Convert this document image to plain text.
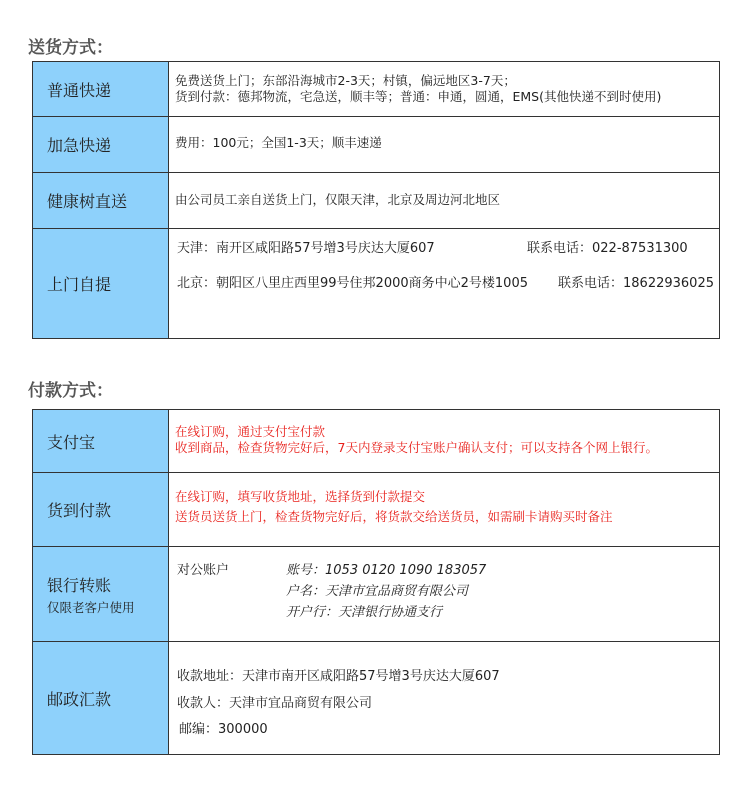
送货方式：
普通快递	免费送货上门；东部沿海城市2-3天；村镇，偏远地区3-7天；
货到付款：德邦物流，宅急送，顺丰等；普通：申通，圆通，EMS(其他快递不到时使用)

加急快递	费用：100元；全国1-3天；顺丰速递

健康树直送	由公司员工亲自送货上门，仅限天津，北京及周边河北地区

上门自提	天津：南开区咸阳路57号增3号庆达大厦607 联系电话：022-87531300
北京：朝阳区八里庄西里99号住邦2000商务中心2号楼1005 联系电话：18622936025
付款方式：
支付宝	在线订购，通过支付宝付款
收到商品，检查货物完好后，7天内登录支付宝账户确认支付；可以支持各个网上银行。

货到付款	在线订购，填写收货地址，选择货到付款提交
送货员送货上门，检查货物完好后，将货款交给送货员，如需刷卡请购买时备注

银行转账
仅限老客户使用	对公账户 账号：1053 0120 1090 183057
户名：天津市宜品商贸有限公司
开户行：天津银行协通支行

邮政汇款	收款地址：天津市南开区咸阳路57号增3号庆达大厦607
收款人：天津市宜品商贸有限公司
邮编：300000
